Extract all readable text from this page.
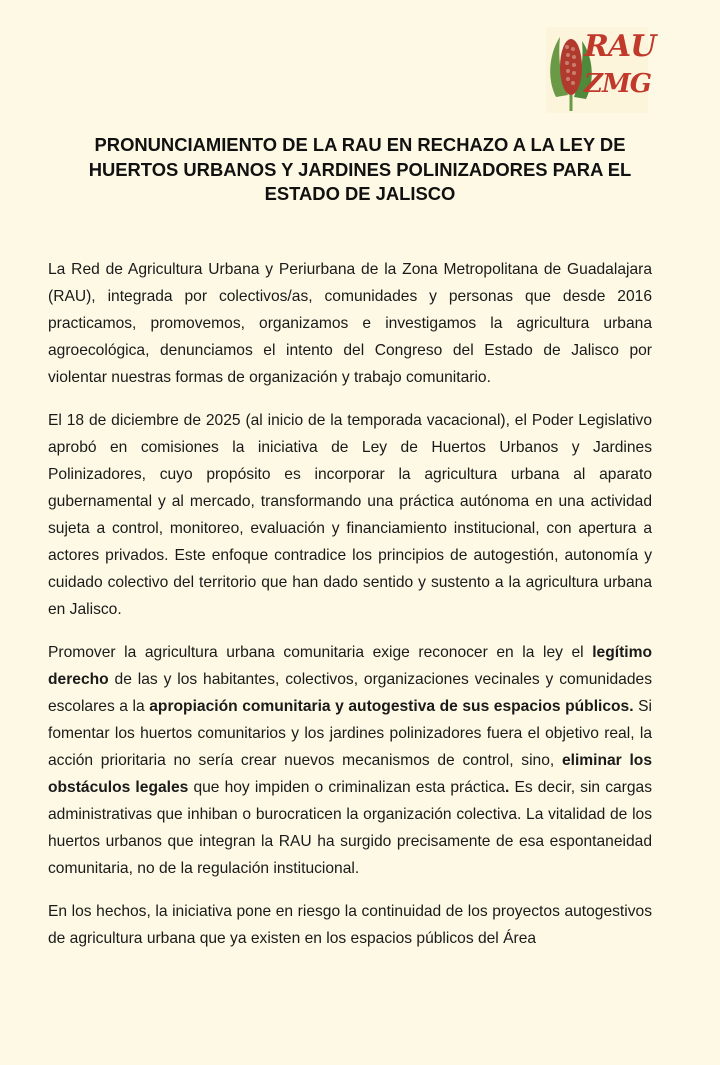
RAU
ZMG
PRONUNCIAMIENTO DE LA RAU EN RECHAZO A LA LEY DE HUERTOS URBANOS Y JARDINES POLINIZADORES PARA EL ESTADO DE JALISCO

La Red de Agricultura Urbana y Periurbana de la Zona Metropolitana de Guadalajara (RAU), integrada por colectivos/as, comunidades y personas que desde 2016 practicamos, promovemos, organizamos e investigamos la agricultura urbana agroecológica, denunciamos el intento del Congreso del Estado de Jalisco por violentar nuestras formas de organización y trabajo comunitario.

El 18 de diciembre de 2025 (al inicio de la temporada vacacional), el Poder Legislativo aprobó en comisiones la iniciativa de Ley de Huertos Urbanos y Jardines Polinizadores, cuyo propósito es incorporar la agricultura urbana al aparato gubernamental y al mercado, transformando una práctica autónoma en una actividad sujeta a control, monitoreo, evaluación y financiamiento institucional, con apertura a actores privados. Este enfoque contradice los principios de autogestión, autonomía y cuidado colectivo del territorio que han dado sentido y sustento a la agricultura urbana en Jalisco.

Promover la agricultura urbana comunitaria exige reconocer en la ley el legítimo derecho de las y los habitantes, colectivos, organizaciones vecinales y comunidades escolares a la apropiación comunitaria y autogestiva de sus espacios públicos. Si fomentar los huertos comunitarios y los jardines polinizadores fuera el objetivo real, la acción prioritaria no sería crear nuevos mecanismos de control, sino, eliminar los obstáculos legales que hoy impiden o criminalizan esta práctica. Es decir, sin cargas administrativas que inhiban o burocraticen la organización colectiva. La vitalidad de los huertos urbanos que integran la RAU ha surgido precisamente de esa espontaneidad comunitaria, no de la regulación institucional.

En los hechos, la iniciativa pone en riesgo la continuidad de los proyectos autogestivos de agricultura urbana que ya existen en los espacios públicos del Área
